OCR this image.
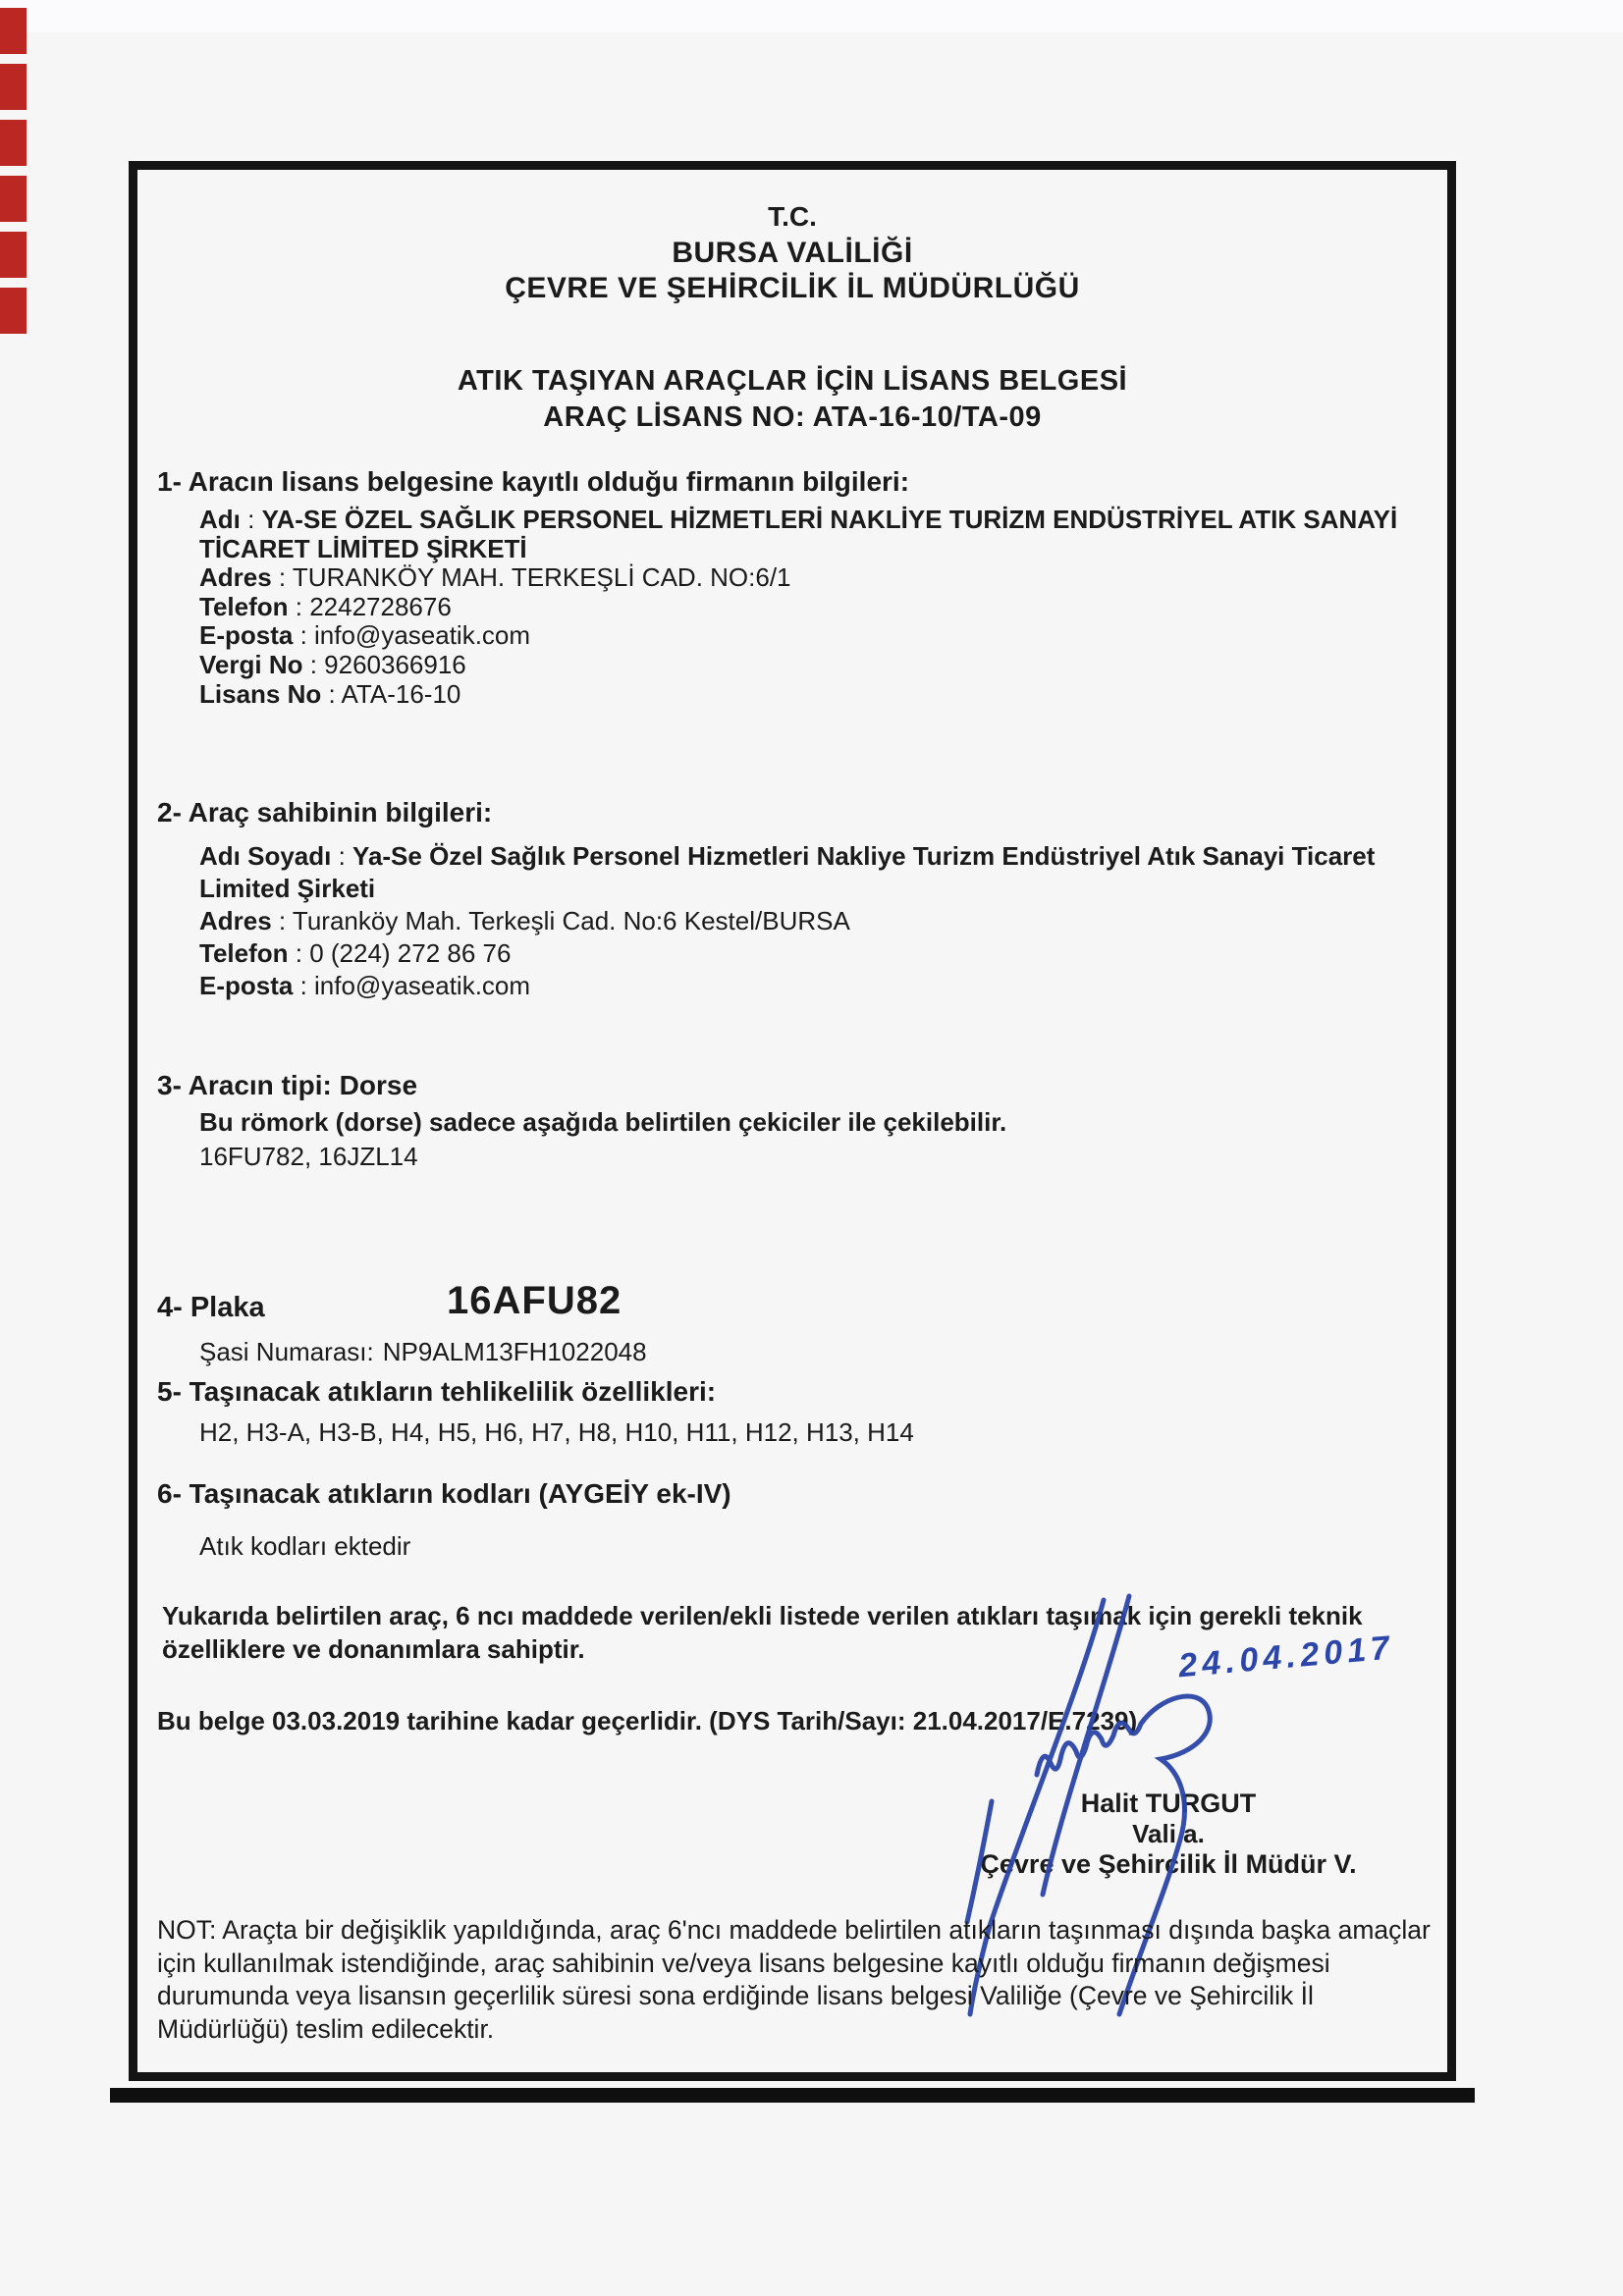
T.C.
BURSA VALİLİĞİ
ÇEVRE VE ŞEHİRCİLİK İL MÜDÜRLÜĞÜ
ATIK TAŞIYAN ARAÇLAR İÇİN LİSANS BELGESİ
ARAÇ LİSANS NO: ATA-16-10/TA-09
1- Aracın lisans belgesine kayıtlı olduğu firmanın bilgileri:
Adı : YA-SE ÖZEL SAĞLIK PERSONEL HİZMETLERİ NAKLİYE TURİZM ENDÜSTRİYEL ATIK SANAYİ TİCARET LİMİTED ŞİRKETİ
Adres : TURANKÖY MAH. TERKEŞLİ CAD. NO:6/1
Telefon : 2242728676
E-posta : info@yaseatik.com
Vergi No : 9260366916
Lisans No : ATA-16-10
2- Araç sahibinin bilgileri:
Adı Soyadı : Ya-Se Özel Sağlık Personel Hizmetleri Nakliye Turizm Endüstriyel Atık Sanayi Ticaret Limited Şirketi
Adres : Turanköy Mah. Terkeşli Cad. No:6 Kestel/BURSA
Telefon : 0 (224) 272 86 76
E-posta : info@yaseatik.com
3- Aracın tipi: Dorse
Bu römork (dorse) sadece aşağıda belirtilen çekiciler ile çekilebilir.
16FU782, 16JZL14
4- Plaka	16AFU82
Şasi Numarası: NP9ALM13FH1022048
5- Taşınacak atıkların tehlikelilik özellikleri:
H2, H3-A, H3-B, H4, H5, H6, H7, H8, H10, H11, H12, H13, H14
6- Taşınacak atıkların kodları (AYGEİY ek-IV)
Atık kodları ektedir
Yukarıda belirtilen araç, 6 ncı maddede verilen/ekli listede verilen atıkları taşımak için gerekli teknik
özelliklere ve donanımlara sahiptir.
Bu belge 03.03.2019 tarihine kadar geçerlidir. (DYS Tarih/Sayı: 21.04.2017/E.7239)
24.04.2017
Halit TURGUT
Vali a.
Çevre ve Şehircilik İl Müdür V.
NOT: Araçta bir değişiklik yapıldığında, araç 6'ncı maddede belirtilen atıkların taşınması dışında başka amaçlar
için kullanılmak istendiğinde, araç sahibinin ve/veya lisans belgesine kayıtlı olduğu firmanın değişmesi
durumunda veya lisansın geçerlilik süresi sona erdiğinde lisans belgesi Valiliğe (Çevre ve Şehircilik İl
Müdürlüğü) teslim edilecektir.
